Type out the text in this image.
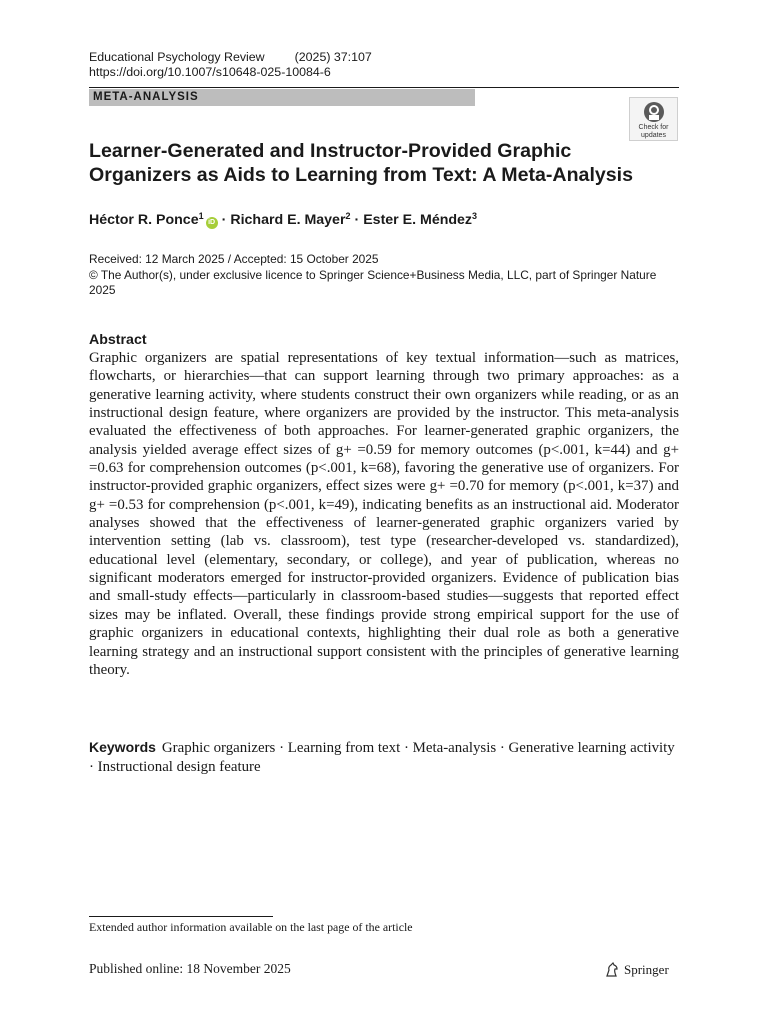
Educational Psychology Review (2025) 37:107
https://doi.org/10.1007/s10648-025-10084-6
META-ANALYSIS
Check for
updates
Learner-Generated and Instructor-Provided Graphic Organizers as Aids to Learning from Text: A Meta-Analysis
Héctor R. Ponce$^1$iD · Richard E. Mayer$^2$ · Ester E. Méndez$^3$
Received: 12 March 2025 / Accepted: 15 October 2025
© The Author(s), under exclusive licence to Springer Science+Business Media, LLC, part of Springer Nature 2025
Abstract
Graphic organizers are spatial representations of key textual information—such as matrices, flowcharts, or hierarchies—that can support learning through two primary approaches: as a generative learning activity, where students construct their own organizers while reading, or as an instructional design feature, where organizers are provided by the instructor. This meta-analysis evaluated the effectiveness of both approaches. For learner-generated graphic organizers, the analysis yielded average effect sizes of g+ =0.59 for memory outcomes (p<.001, k=44) and g+ =0.63 for comprehension outcomes (p<.001, k=68), favoring the generative use of organizers. For instructor-provided graphic organizers, effect sizes were g+ =0.70 for memory (p<.001, k=37) and g+ =0.53 for comprehension (p<.001, k=49), indicating benefits as an instructional aid. Moderator analyses showed that the effectiveness of learner-generated graphic organizers varied by intervention setting (lab vs. classroom), test type (researcher-developed vs. standardized), educational level (elementary, secondary, or college), and year of publication, whereas no significant moderators emerged for instructor-provided organizers. Evidence of publication bias and small-study effects—particularly in classroom-based studies—suggests that reported effect sizes may be inflated. Overall, these findings provide strong empirical support for the use of graphic organizers in educational contexts, highlighting their dual role as both a generative learning strategy and an instructional support consistent with the principles of generative learning theory.
Keywords Graphic organizers · Learning from text · Meta-analysis · Generative learning activity · Instructional design feature
Extended author information available on the last page of the article
Published online: 18 November 2025	Springer
